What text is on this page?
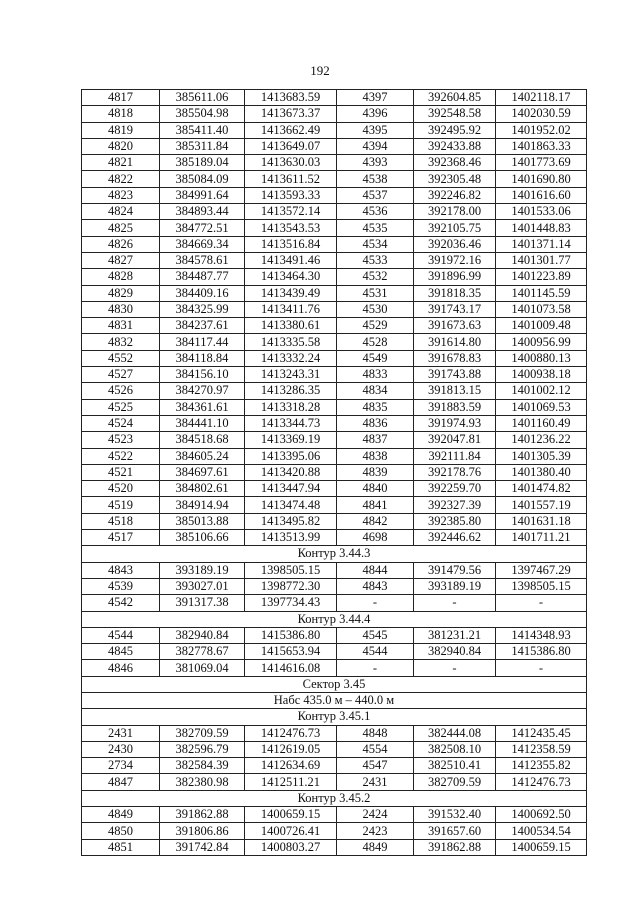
192
4817	385611.06	1413683.59	4397	392604.85	1402118.17
4818	385504.98	1413673.37	4396	392548.58	1402030.59
4819	385411.40	1413662.49	4395	392495.92	1401952.02
4820	385311.84	1413649.07	4394	392433.88	1401863.33
4821	385189.04	1413630.03	4393	392368.46	1401773.69
4822	385084.09	1413611.52	4538	392305.48	1401690.80
4823	384991.64	1413593.33	4537	392246.82	1401616.60
4824	384893.44	1413572.14	4536	392178.00	1401533.06
4825	384772.51	1413543.53	4535	392105.75	1401448.83
4826	384669.34	1413516.84	4534	392036.46	1401371.14
4827	384578.61	1413491.46	4533	391972.16	1401301.77
4828	384487.77	1413464.30	4532	391896.99	1401223.89
4829	384409.16	1413439.49	4531	391818.35	1401145.59
4830	384325.99	1413411.76	4530	391743.17	1401073.58
4831	384237.61	1413380.61	4529	391673.63	1401009.48
4832	384117.44	1413335.58	4528	391614.80	1400956.99
4552	384118.84	1413332.24	4549	391678.83	1400880.13
4527	384156.10	1413243.31	4833	391743.88	1400938.18
4526	384270.97	1413286.35	4834	391813.15	1401002.12
4525	384361.61	1413318.28	4835	391883.59	1401069.53
4524	384441.10	1413344.73	4836	391974.93	1401160.49
4523	384518.68	1413369.19	4837	392047.81	1401236.22
4522	384605.24	1413395.06	4838	392111.84	1401305.39
4521	384697.61	1413420.88	4839	392178.76	1401380.40
4520	384802.61	1413447.94	4840	392259.70	1401474.82
4519	384914.94	1413474.48	4841	392327.39	1401557.19
4518	385013.88	1413495.82	4842	392385.80	1401631.18
4517	385106.66	1413513.99	4698	392446.62	1401711.21
Контур 3.44.3					
4843	393189.19	1398505.15	4844	391479.56	1397467.29
4539	393027.01	1398772.30	4843	393189.19	1398505.15
4542	391317.38	1397734.43	-	-	-
Контур 3.44.4					
4544	382940.84	1415386.80	4545	381231.21	1414348.93
4845	382778.67	1415653.94	4544	382940.84	1415386.80
4846	381069.04	1414616.08	-	-	-
Сектор 3.45					
Набс 435.0 м – 440.0 м					
Контур 3.45.1					
2431	382709.59	1412476.73	4848	382444.08	1412435.45
2430	382596.79	1412619.05	4554	382508.10	1412358.59
2734	382584.39	1412634.69	4547	382510.41	1412355.82
4847	382380.98	1412511.21	2431	382709.59	1412476.73
Контур 3.45.2					
4849	391862.88	1400659.15	2424	391532.40	1400692.50
4850	391806.86	1400726.41	2423	391657.60	1400534.54
4851	391742.84	1400803.27	4849	391862.88	1400659.15
